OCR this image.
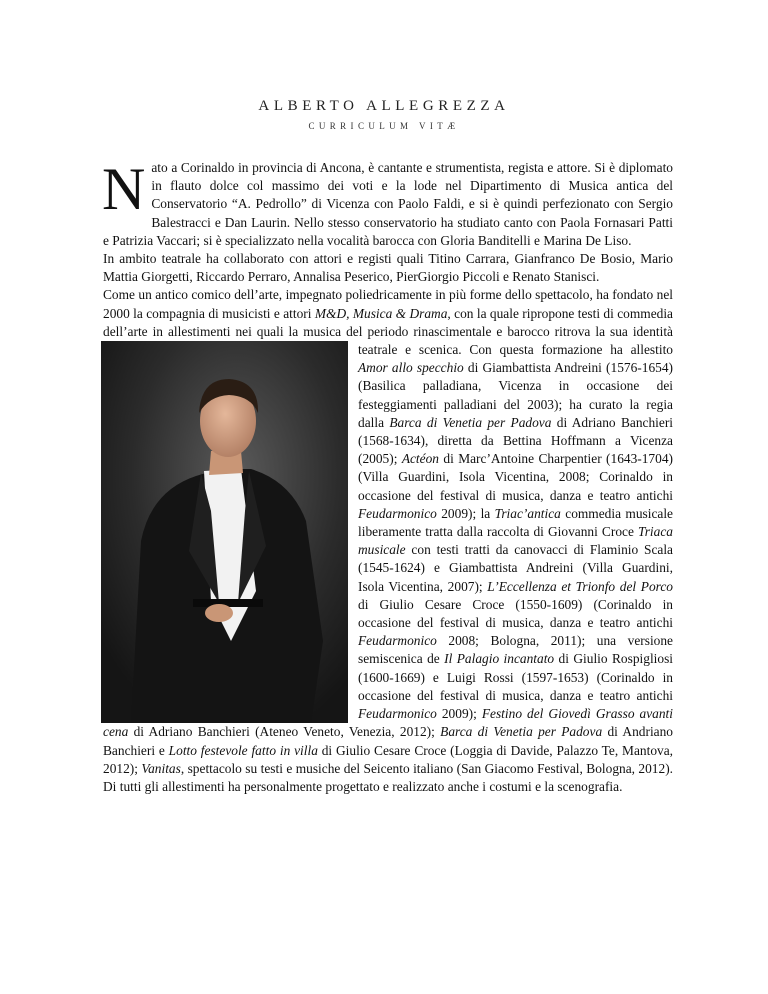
ALBERTO ALLEGREZZA
CURRICULUM VITÆ

Nato a Corinaldo in provincia di Ancona, è cantante e strumentista, regista e attore. Si è diplomato in flauto dolce col massimo dei voti e la lode nel Dipartimento di Musica antica del Conservatorio “A. Pedrollo” di Vicenza con Paolo Faldi, e si è quindi perfezionato con Sergio Balestracci e Dan Laurin. Nello stesso conservatorio ha studiato canto con Paola Fornasari Patti e Patrizia Vaccari; si è specializzato nella vocalità barocca con Gloria Banditelli e Marina De Liso.

In ambito teatrale ha collaborato con attori e registi quali Titino Carrara, Gianfranco De Bosio, Mario Mattia Giorgetti, Riccardo Perraro, Annalisa Peserico, PierGiorgio Piccoli e Renato Stanisci.

Come un antico comico dell’arte, impegnato poliedricamente in più forme dello spettacolo, ha fondato nel 2000 la compagnia di musicisti e attori M&D, Musica & Drama, con la quale ripropone testi di commedia dell’arte in allestimenti nei quali la musica del periodo rinascimentale e barocco ritrova la sua identità teatrale e scenica. Con questa formazione ha allestito
Amor allo specchio di Giambattista Andreini (1576-1654) (Basilica palladiana, Vicenza in occasione dei festeggiamenti palladiani del 2003); ha curato la regia dalla Barca di Venetia per Padova di Adriano Banchieri (1568-1634), diretta da Bettina Hoffmann a Vicenza (2005); Actéon di Marc’Antoine Charpentier (1643-1704) (Villa Guardini, Isola Vicentina, 2008; Corinaldo in occasione del festival di musica, danza e teatro antichi Feudarmonico 2009); la Triac’antica commedia musicale liberamente tratta dalla raccolta di Giovanni Croce Triaca musicale con testi tratti da canovacci di Flaminio Scala (1545-1624) e Giambattista Andreini (Villa Guardini, Isola Vicentina, 2007); L’Eccellenza et Trionfo del Porco di Giulio Cesare Croce (1550-1609) (Corinaldo in occasione del festival di musica, danza e teatro antichi Feudarmonico 2008; Bologna, 2011); una versione semiscenica de Il Palagio incantato di Giulio Rospigliosi (1600-1669) e Luigi Rossi (1597-1653) (Corinaldo in occasione del festival di musica, danza e teatro antichi Feudarmonico 2009); Festino del Giovedì Grasso avanti cena di Adriano Banchieri (Ateneo Veneto, Venezia, 2012); Barca di Venetia per Padova di Andriano Banchieri e Lotto festevole fatto in villa di Giulio Cesare Croce (Loggia di Davide, Palazzo Te, Mantova, 2012); Vanitas, spettacolo su testi e musiche del Seicento italiano (San Giacomo Festival, Bologna, 2012). Di tutti gli allestimenti ha personalmente progettato e realizzato anche i costumi e la scenografia.
